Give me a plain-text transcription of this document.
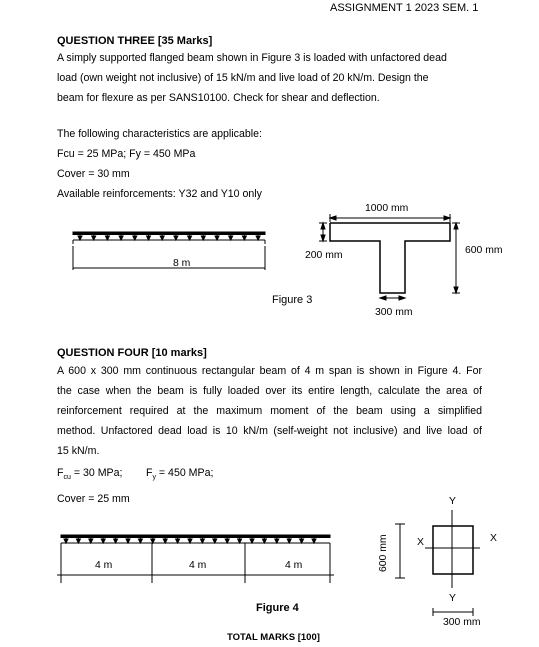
ASSIGNMENT 1 2023 SEM. 1
QUESTION THREE [35 Marks]
A simply supported flanged beam shown in Figure 3 is loaded with unfactored dead
load (own weight not inclusive) of 15 kN/m and live load of 20 kN/m. Design the
beam for flexure as per SANS10100. Check for shear and deflection.
The following characteristics are applicable:
Fcu = 25 MPa; Fy = 450 MPa
Cover = 30 mm
Available reinforcements: Y32 and Y10 only
8 m
1000 mm
200 mm	600 mm
300 mm
Figure 3
QUESTION FOUR [10 marks]
A 600 x 300 mm continuous rectangular beam of 4 m span is shown in Figure 4. For
the case when the beam is fully loaded over its entire length, calculate the area of
reinforcement required at the maximum moment of the beam using a simplified
method. Unfactored dead load is 10 kN/m (self-weight not inclusive) and live load of
15 kN/m.
$F_{cu} = 30$ MPa; $F_y = 450$ MPa;
Cover = 25 mm
4 m	4 m	4 m	600 mm
300 mm
X	X
Y
Y
Figure 4
TOTAL MARKS [100]
